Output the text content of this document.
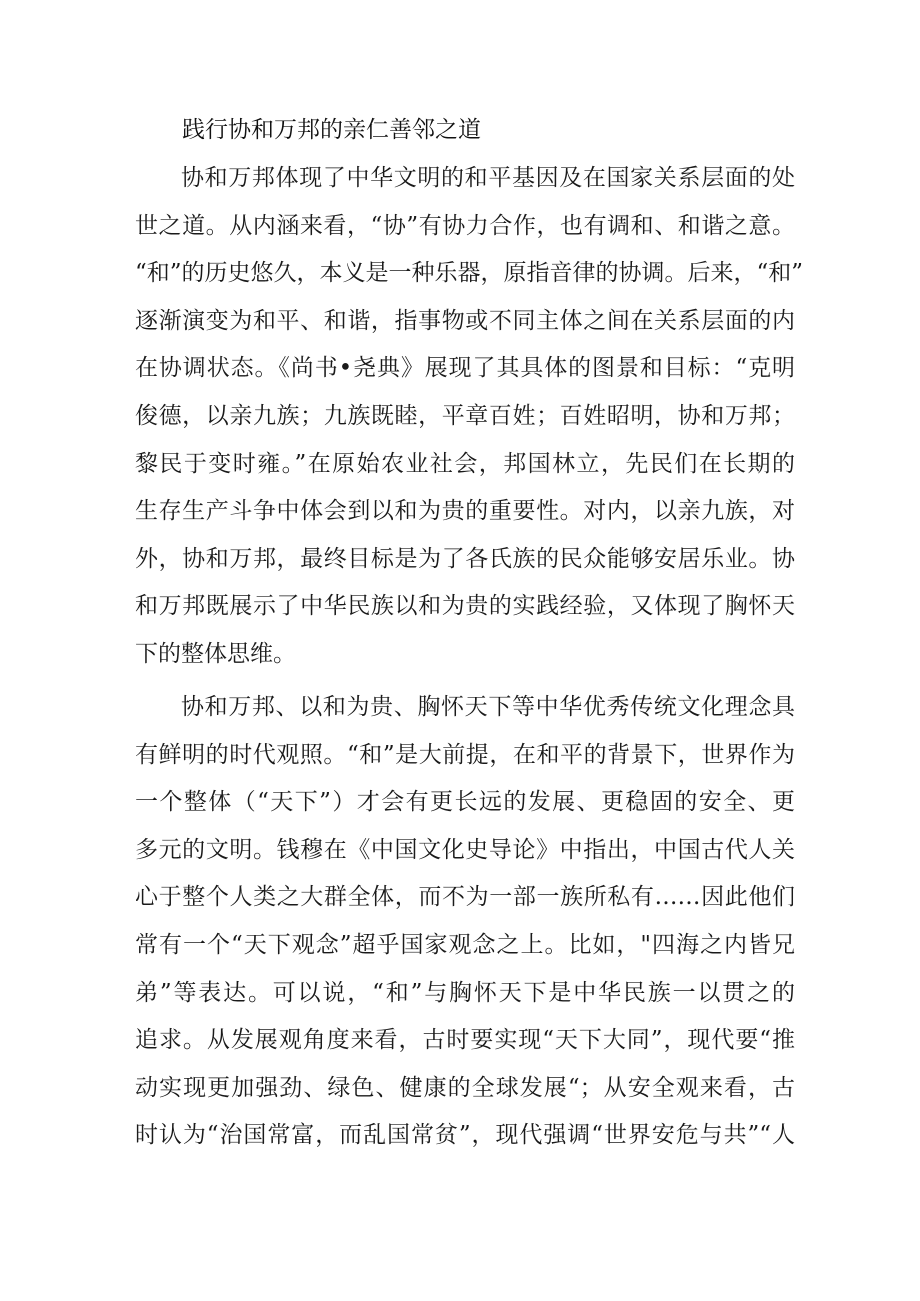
践行协和万邦的亲仁善邻之道

协和万邦体现了中华文明的和平基因及在国家关系层面的处
世之道。从内涵来看，“协”有协力合作，也有调和、和谐之意。
“和”的历史悠久，本义是一种乐器，原指音律的协调。后来，“和”
逐渐演变为和平、和谐，指事物或不同主体之间在关系层面的内
在协调状态。《尚书•尧典》展现了其具体的图景和目标：“克明
俊德，以亲九族；九族既睦，平章百姓；百姓昭明，协和万邦；
黎民于变时雍。”在原始农业社会，邦国林立，先民们在长期的
生存生产斗争中体会到以和为贵的重要性。对内，以亲九族，对
外，协和万邦，最终目标是为了各氏族的民众能够安居乐业。协
和万邦既展示了中华民族以和为贵的实践经验，又体现了胸怀天
下的整体思维。

协和万邦、以和为贵、胸怀天下等中华优秀传统文化理念具
有鲜明的时代观照。“和”是大前提，在和平的背景下，世界作为
一个整体（“天下”）才会有更长远的发展、更稳固的安全、更
多元的文明。钱穆在《中国文化史导论》中指出，中国古代人关
心于整个人类之大群全体，而不为一部一族所私有……因此他们
常有一个“天下观念”超乎国家观念之上。比如，"四海之内皆兄
弟”等表达。可以说，“和”与胸怀天下是中华民族一以贯之的
追求。从发展观角度来看，古时要实现“天下大同”，现代要“推
动实现更加强劲、绿色、健康的全球发展“；从安全观来看，古
时认为“治国常富，而乱国常贫”，现代强调“世界安危与共”“人
